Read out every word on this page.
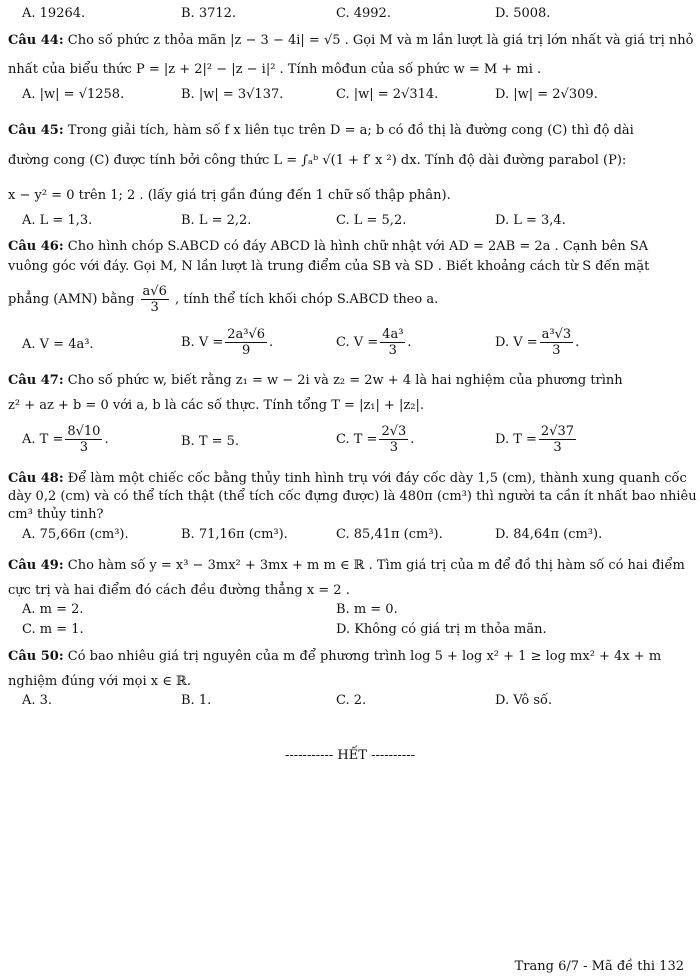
A. 19264.	B. 3712.	C. 4992.	D. 5008.
Câu 44: Cho số phức z thỏa mãn |z − 3 − 4i| = √5 . Gọi M và m lần lượt là giá trị lớn nhất và giá trị nhỏ
nhất của biểu thức P = |z + 2|² − |z − i|² . Tính môđun của số phức w = M + mi .
A. |w| = √1258.	B. |w| = 3√137.	C. |w| = 2√314.	D. |w| = 2√309.
Câu 45: Trong giải tích, hàm số f x liên tục trên D = a; b có đồ thị là đường cong (C) thì độ dài
đường cong (C) được tính bởi công thức L = ∫ₐᵇ √(1 + f′ x ²) dx. Tính độ dài đường parabol (P):
x − y² = 0 trên 1; 2 . (lấy giá trị gần đúng đến 1 chữ số thập phân).
A. L = 1,3.	B. L = 2,2.	C. L = 5,2.	D. L = 3,4.
Câu 46: Cho hình chóp S.ABCD có đáy ABCD là hình chữ nhật với AD = 2AB = 2a . Cạnh bên SA
vuông góc với đáy. Gọi M, N lần lượt là trung điểm của SB và SD . Biết khoảng cách từ S đến mặt
phẳng (AMN) bằng $\frac{a√6}{3}$ , tính thể tích khối chóp S.ABCD theo a.
A. V = 4a³.	B. $V = \frac{\text{2a³√6}}{9}$ .	C. $V = \frac{\text{4a³}}{3}$ .	D. $V = \frac{\text{a³√3}}{3}$ .
Câu 47: Cho số phức w, biết rằng z₁ = w − 2i và z₂ = 2w + 4 là hai nghiệm của phương trình
z² + az + b = 0 với a, b là các số thực. Tính tổng T = |z₁| + |z₂|.
A. $T = \frac{8√10}{3}$ .	B. T = 5.	C. $T = \frac{2√3}{3}$ .	D. $T = \frac{2√37}{3}$
Câu 48: Để làm một chiếc cốc bằng thủy tinh hình trụ với đáy cốc dày 1,5 (cm), thành xung quanh cốc
dày 0,2 (cm) và có thể tích thật (thể tích cốc đựng được) là 480π (cm³) thì người ta cần ít nhất bao nhiêu
cm³ thủy tinh?
A. 75,66π (cm³).	B. 71,16π (cm³).	C. 85,41π (cm³).	D. 84,64π (cm³).
Câu 49: Cho hàm số y = x³ − 3mx² + 3mx + m m ∈ ℝ . Tìm giá trị của m để đồ thị hàm số có hai điểm
cực trị và hai điểm đó cách đều đường thẳng x = 2 .
A. m = 2.	B. m = 0.
C. m = 1.	D. Không có giá trị m thỏa mãn.
Câu 50: Có bao nhiêu giá trị nguyên của m để phương trình log 5 + log x² + 1 ≥ log mx² + 4x + m
nghiệm đúng với mọi x ∈ ℝ.
A. 3.	B. 1.	C. 2.	D. Vô số.
----------- HẾT ----------
Trang 6/7 - Mã đề thi 132
